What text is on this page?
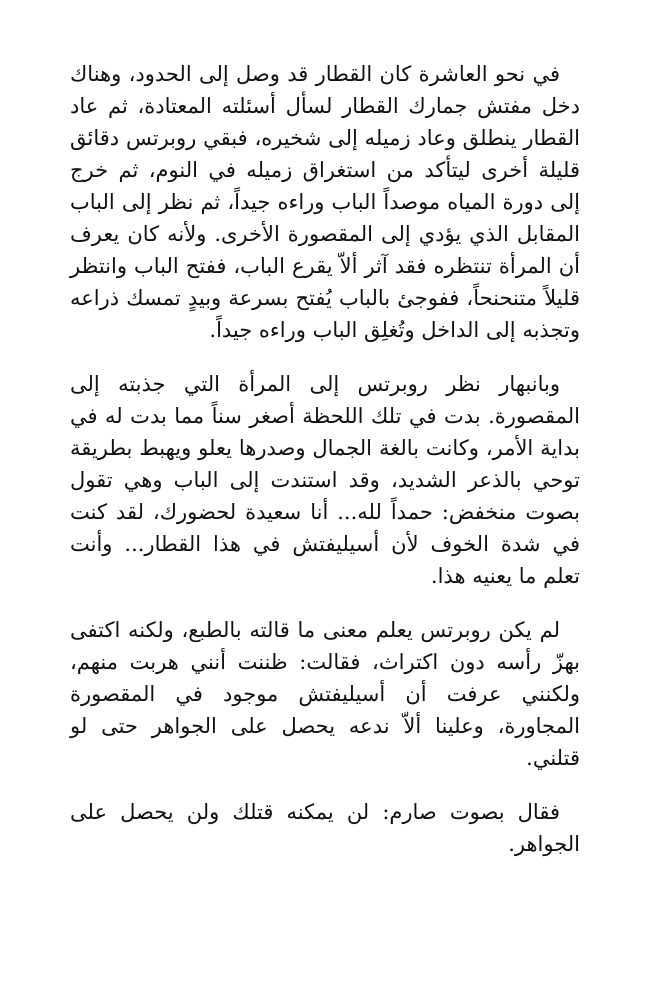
في نحو العاشرة كان القطار قد وصل إلى الحدود، وهناك دخل مفتش جمارك القطار لسأل أسئلته المعتادة، ثم عاد القطار ينطلق وعاد زميله إلى شخيره، فبقي روبرتس دقائق قليلة أخرى ليتأكد من استغراق زميله في النوم، ثم خرج إلى دورة المياه موصداً الباب وراءه جيداً، ثم نظر إلى الباب المقابل الذي يؤدي إلى المقصورة الأخرى. ولأنه كان يعرف أن المرأة تنتظره فقد آثر ألاّ يقرع الباب، ففتح الباب وانتظر قليلاً متنحنحاً، ففوجئ بالباب يُفتح بسرعة وبيدٍ تمسك ذراعه وتجذبه إلى الداخل وتُغلِق الباب وراءه جيداً.

وبانبهار نظر روبرتس إلى المرأة التي جذبته إلى المقصورة. بدت في تلك اللحظة أصغر سناً مما بدت له في بداية الأمر، وكانت بالغة الجمال وصدرها يعلو ويهبط بطريقة توحي بالذعر الشديد، وقد استندت إلى الباب وهي تقول بصوت منخفض: حمداً لله... أنا سعيدة لحضورك، لقد كنت في شدة الخوف لأن أسيليفتش في هذا القطار... وأنت تعلم ما يعنيه هذا.

لم يكن روبرتس يعلم معنى ما قالته بالطبع، ولكنه اكتفى بهزّ رأسه دون اكتراث، فقالت: ظننت أنني هربت منهم، ولكنني عرفت أن أسيليفتش موجود في المقصورة المجاورة، وعلينا ألاّ ندعه يحصل على الجواهر حتى لو قتلني.

فقال بصوت صارم: لن يمكنه قتلك ولن يحصل على الجواهر.
